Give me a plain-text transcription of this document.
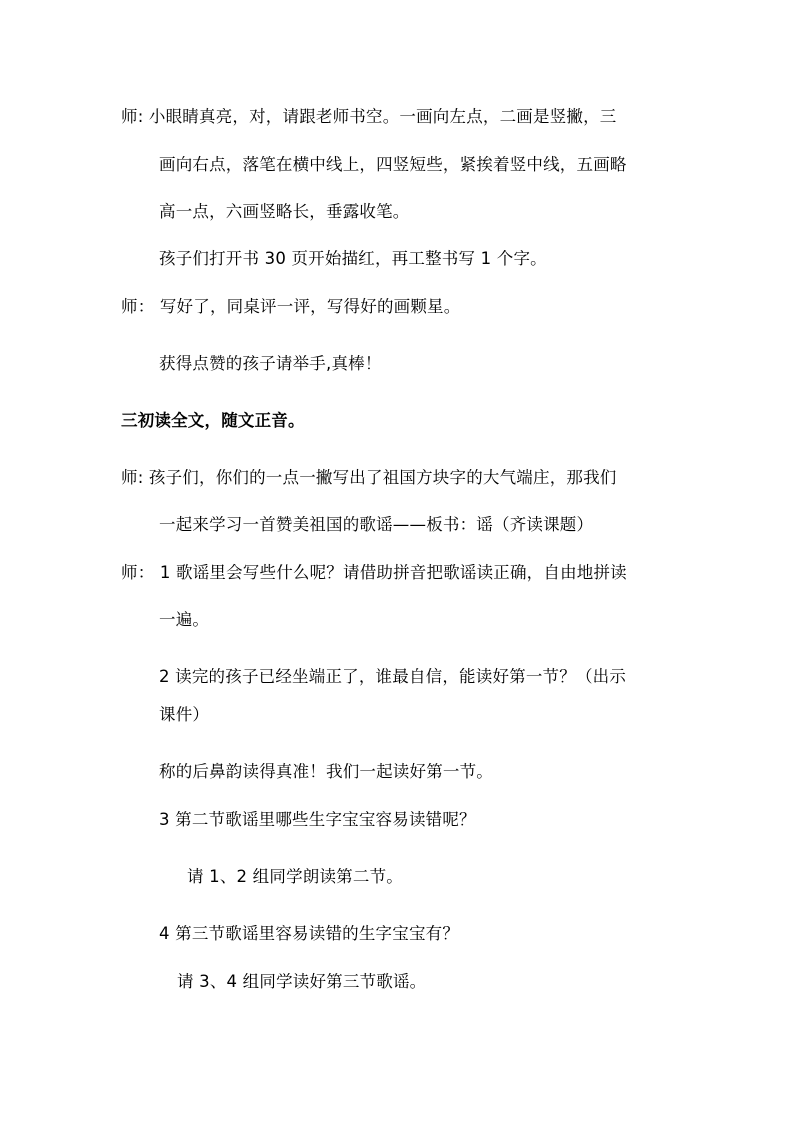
师: 小眼睛真亮，对，请跟老师书空。一画向左点，二画是竖撇，三
画向右点，落笔在横中线上，四竖短些，紧挨着竖中线，五画略
高一点，六画竖略长，垂露收笔。
孩子们打开书 30 页开始描红，再工整书写 1 个字。
师： 写好了，同桌评一评，写得好的画颗星。
获得点赞的孩子请举手,真棒！
三初读全文，随文正音。
师: 孩子们，你们的一点一撇写出了祖国方块字的大气端庄，那我们
一起来学习一首赞美祖国的歌谣——板书：谣（齐读课题）
师： 1 歌谣里会写些什么呢？请借助拼音把歌谣读正确，自由地拼读
一遍。
2 读完的孩子已经坐端正了，谁最自信，能读好第一节？（出示
课件）
称的后鼻韵读得真准！我们一起读好第一节。
3 第二节歌谣里哪些生字宝宝容易读错呢？
请 1、2 组同学朗读第二节。
4 第三节歌谣里容易读错的生字宝宝有？
请 3、4 组同学读好第三节歌谣。
